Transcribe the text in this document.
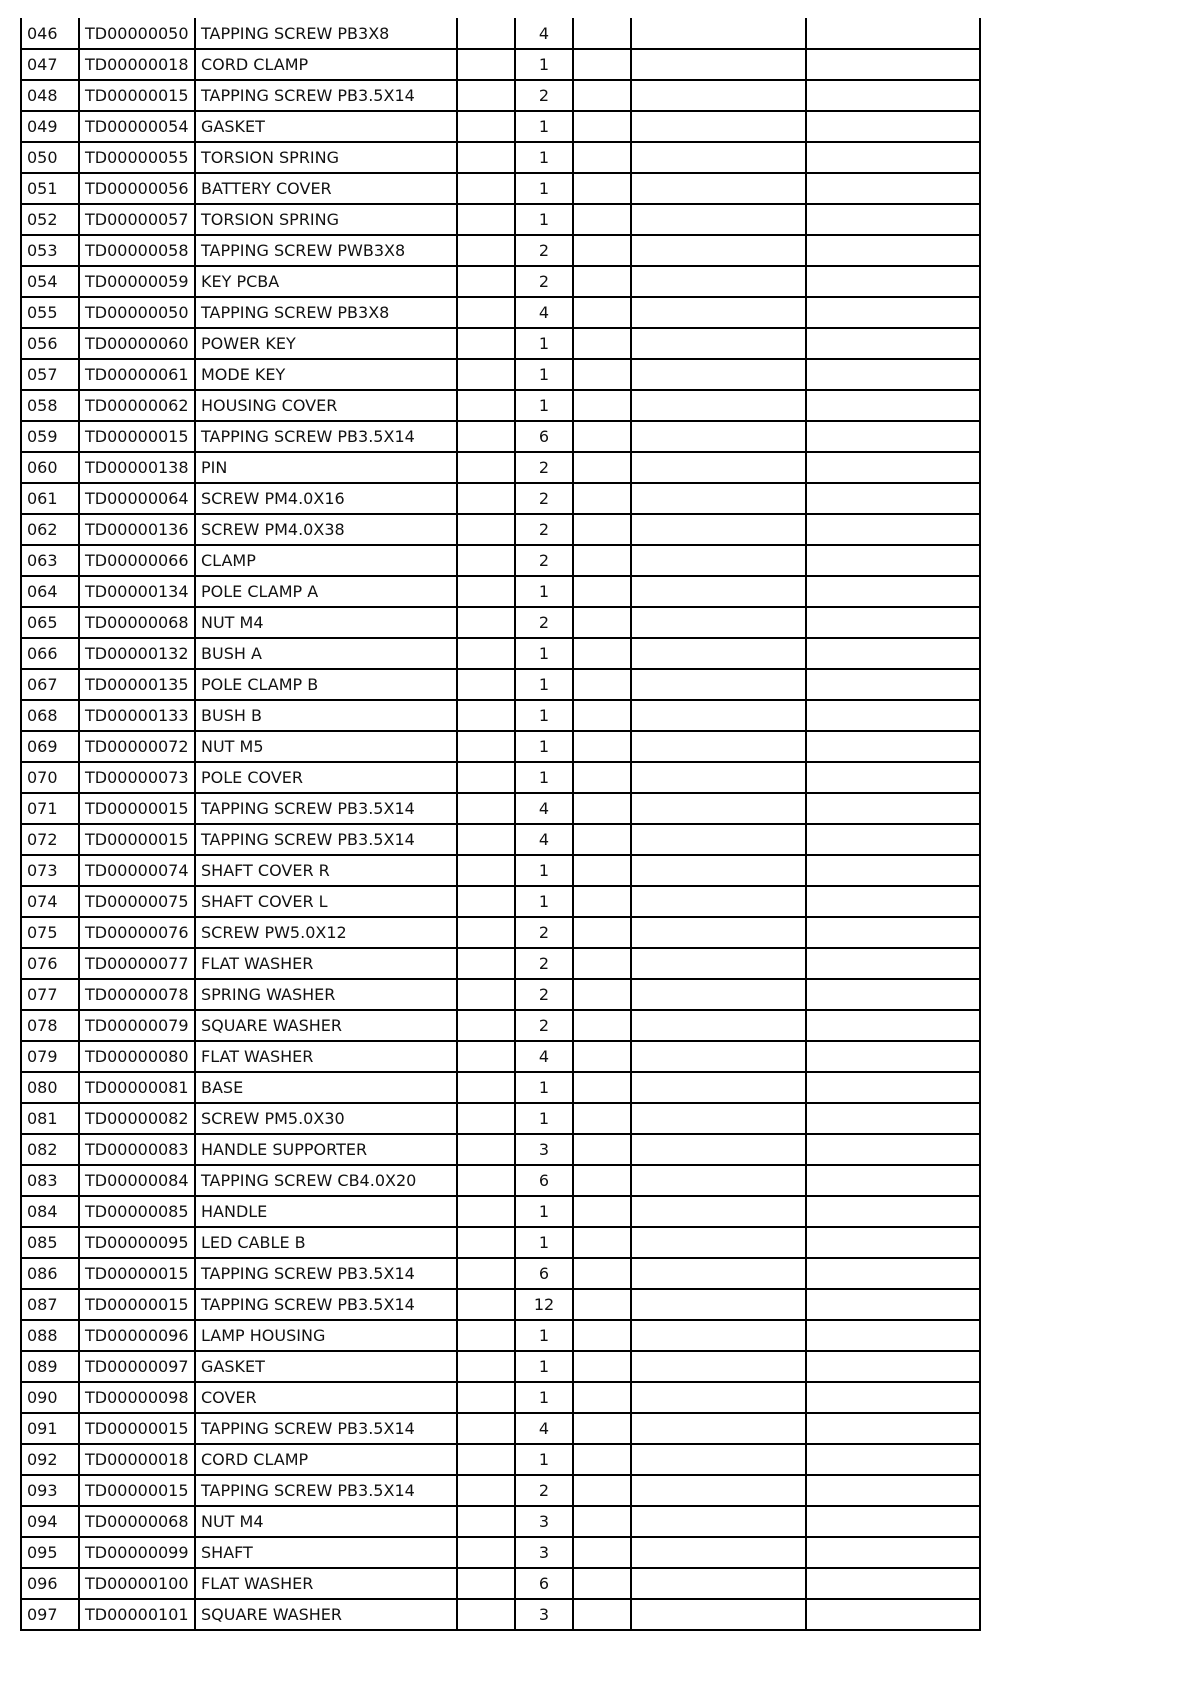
046	TD00000050	TAPPING SCREW PB3X8		4			
047	TD00000018	CORD CLAMP		1			
048	TD00000015	TAPPING SCREW PB3.5X14		2			
049	TD00000054	GASKET		1			
050	TD00000055	TORSION SPRING		1			
051	TD00000056	BATTERY COVER		1			
052	TD00000057	TORSION SPRING		1			
053	TD00000058	TAPPING SCREW PWB3X8		2			
054	TD00000059	KEY PCBA		2			
055	TD00000050	TAPPING SCREW PB3X8		4			
056	TD00000060	POWER KEY		1			
057	TD00000061	MODE KEY		1			
058	TD00000062	HOUSING COVER		1			
059	TD00000015	TAPPING SCREW PB3.5X14		6			
060	TD00000138	PIN		2			
061	TD00000064	SCREW PM4.0X16		2			
062	TD00000136	SCREW PM4.0X38		2			
063	TD00000066	CLAMP		2			
064	TD00000134	POLE CLAMP A		1			
065	TD00000068	NUT M4		2			
066	TD00000132	BUSH A		1			
067	TD00000135	POLE CLAMP B		1			
068	TD00000133	BUSH B		1			
069	TD00000072	NUT M5		1			
070	TD00000073	POLE COVER		1			
071	TD00000015	TAPPING SCREW PB3.5X14		4			
072	TD00000015	TAPPING SCREW PB3.5X14		4			
073	TD00000074	SHAFT COVER R		1			
074	TD00000075	SHAFT COVER L		1			
075	TD00000076	SCREW PW5.0X12		2			
076	TD00000077	FLAT WASHER		2			
077	TD00000078	SPRING WASHER		2			
078	TD00000079	SQUARE WASHER		2			
079	TD00000080	FLAT WASHER		4			
080	TD00000081	BASE		1			
081	TD00000082	SCREW PM5.0X30		1			
082	TD00000083	HANDLE SUPPORTER		3			
083	TD00000084	TAPPING SCREW CB4.0X20		6			
084	TD00000085	HANDLE		1			
085	TD00000095	LED CABLE B		1			
086	TD00000015	TAPPING SCREW PB3.5X14		6			
087	TD00000015	TAPPING SCREW PB3.5X14		12			
088	TD00000096	LAMP HOUSING		1			
089	TD00000097	GASKET		1			
090	TD00000098	COVER		1			
091	TD00000015	TAPPING SCREW PB3.5X14		4			
092	TD00000018	CORD CLAMP		1			
093	TD00000015	TAPPING SCREW PB3.5X14		2			
094	TD00000068	NUT M4		3			
095	TD00000099	SHAFT		3			
096	TD00000100	FLAT WASHER		6			
097	TD00000101	SQUARE WASHER		3			
